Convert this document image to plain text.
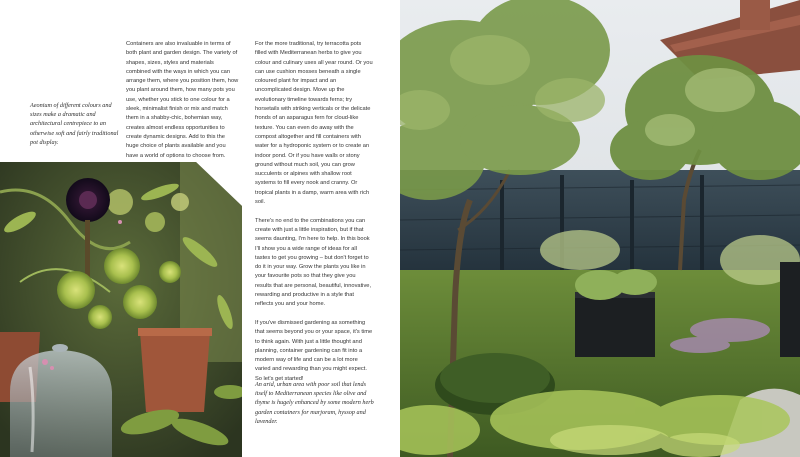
Aeonium of different colours and sizes make a dramatic and architectural centrepiece to an otherwise soft and fairly traditional pot display.

Containers are also invaluable in terms of both plant and garden design. The variety of shapes, sizes, styles and materials combined with the ways in which you can arrange them, where you position them, how you plant around them, how many pots you use, whether you stick to one colour for a sleek, minimalist finish or mix and match them in a shabby-chic, bohemian way, creates almost endless opportunities to create dynamic designs. Add to this the huge choice of plants available and you have a world of options to choose from.

For the more traditional, try terracotta pots filled with Mediterranean herbs to give you colour and culinary uses all year round. Or you can use cushion mosses beneath a single coloured plant for impact and an uncomplicated design. Move up the evolutionary timeline towards ferns; try horsetails with striking verticals or the delicate fronds of an asparagus fern for cloud-like texture. You can even do away with the compost altogether and fill containers with water for a hydroponic system or to create an indoor pond. Or if you have walls or stony ground without much soil, you can grow succulents or alpines with shallow root systems to fill every nook and cranny. Or tropical plants in a damp, warm area with rich soil.

There's no end to the combinations you can create with just a little inspiration, but if that seems daunting, I'm here to help. In this book I'll show you a wide range of ideas for all tastes to get you growing – but don't forget to do it in your way. Grow the plants you like in your favourite pots so that they give you results that are personal, beautiful, innovative, rewarding and productive in a style that reflects you and your home.

If you've dismissed gardening as something that seems beyond you or your space, it's time to think again. With just a little thought and planning, container gardening can fit into a modern way of life and can be a lot more varied and rewarding than you might expect. So let's get started!

An arid, urban area with poor soil that lends itself to Mediterranean species like olive and thyme is hugely enhanced by some modern herb garden containers for marjoram, hyssop and lavender.
